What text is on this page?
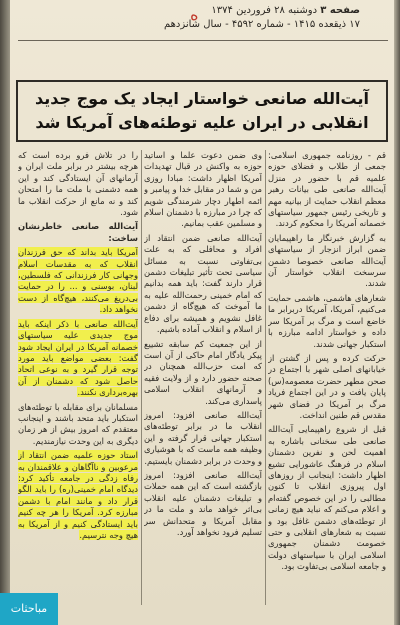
صفحه ۳ دوشنبه ۲۸ فروردین ۱۳۷۴
۱۷ ذیقعده ۱۴۱۵ - شماره ۴۵۹۲ - سال شانزدهم
ه
آیت‌الله صانعی خواستار ایجاد یک موج جدید
انقلابی در ایران علیه توطئه‌های آمریکا شد

قم - روزنامه جمهوری اسلامی: جمعی از طلاب و فضلای حوزه علمیه قم با حضور در منزل آیت‌الله صانعی طی بیانات رهبر معظم انقلاب حمایت از بیانیه مهم و تاریخی رئیس جمهور سیاستهای خصمانه آمریکا را محکوم کردند.

به گزارش خبرنگار ما راهپیمایان ضمن ابراز انزجار از سیاستهای آیت‌الله صانعی خصوصا دشمن سرسخت انقلاب خواستار آن شدند.

شعارهای هاشمی، هاشمی حمایت می‌کنیم، آمریکا، آمریکا دربرابر ما خاضع است و مرگ بر آمریکا سر داده و خواستار ادامه مبارزه با استکبار جهانی شدند.

حرکت کرده و پس از گشتن از خیابانهای اصلی شهر با اجتماع در صحن مطهر حضرت معصومه(س) پایان یافت و در این اجتماع فریاد مرگ بر آمریکا در فضای شهر مقدس قم طنین انداخت.

قبل از شروع راهپیمایی آیت‌الله صانعی طی سخنانی باشاره به اهمیت لحن و نفرین دشمنان اسلام در فرهنگ عاشورایی تشیع اظهار داشت: اینجانب از روزهای اول پیروزی انقلاب تا کنون مطالبی را در این خصوص گفته‌ام و اعلام می‌کنم که نباید هیچ زمانی از توطئه‌های دشمن غافل بود و نسبت به شعارهای انقلابی و حتی خصومت دشمنان جمهوری اسلامی ایران با سیاستهای دولت و جامعه اسلامی بی‌تفاوت بود.

وی ضمن دعوت علما و اساتید حوزه به واکنش در قبال تهدیدات آمریکا اظهار داشت: مبادا روزی من و شما در مقابل خدا و پیامبر و ائمه اطهار دچار شرمندگی شویم که چرا در مبارزه با دشمنان اسلام و مسلمین عقب بمانیم.

آیت‌الله صانعی ضمن انتقاد از افراد و محافلی که به علت بی‌تفاوتی نسبت به مسائل سیاسی تحت تأثیر تبلیغات دشمن قرار دارند گفت: باید همه بدانیم که امام خمینی رحمت‌الله علیه به ما آموخت که هیچ‌گاه از دشمن غافل نشویم و همیشه برای دفاع از اسلام و انقلاب آماده باشیم.

از این جمعیت کم سابقه تشییع پیکر یادگار امام حاکی از آن است که امت حزب‌الله همچنان در صحنه حضور دارد و از ولایت فقیه و آرمانهای انقلاب اسلامی پاسداری می‌کند.

آیت‌الله صانعی افزود: امروز انقلاب ما در برابر توطئه‌های استکبار جهانی قرار گرفته و این وظیفه همه ماست که با هوشیاری و وحدت در برابر دشمنان بایستیم.

آیت‌الله صانعی افزود: امروز بازگشته است که این همه حملات و تبلیغات دشمنان علیه انقلاب بی‌اثر خواهد ماند و ملت ما در مقابل آمریکا و متحدانش سر تسلیم فرود نخواهد آورد.

را در تلاش فرو برده است که هرچه بیشتر در برابر ملت ایران و آرمانهای آن ایستادگی کند و این همه دشمنی با ملت ما را امتحان کند و نه مانع از حرکت انقلاب ما شود.

آیت‌الله صانعی خاطرنشان ساخت:

آمریکا باید بداند که حق فرزندان انقلاب که به مقدسات اسلام وجهانی کار فرزندانی که فلسطین، لبنان، بوسنی و ... را در حمایت بی‌دریغ می‌کنند، هیچ‌گاه از دست نخواهد داد.

آیت‌الله صانعی با ذکر اینکه باید موج جدیدی علیه سیاستهای خصمانه آمریکا در ایران ایجاد شود گفت: بعضی مواضع باید مورد توجه قرار گیرد و به نوعی اتحاد حاصل شود که دشمنان از آن بهره‌برداری نکنند.

مسلمانان برای مقابله با توطئه‌های استکبار باید متحد باشند و اینجانب معتقدم که امروز بیش از هر زمان دیگری به این وحدت نیازمندیم.

استاد حوزه علمیه ضمن انتقاد از مرعوبین و ناآگاهان و علاقمندان به رفاه زدگی در جامعه تأکید کرد: دیدگاه امام خمینی(ره) را باید الگو قرار داد و مانند امام با دشمن مبارزه کرد. آمریکا را هر چه کنیم باید ایستادگی کنیم و از آمریکا به هیچ وجه نترسیم.

مباحثات
